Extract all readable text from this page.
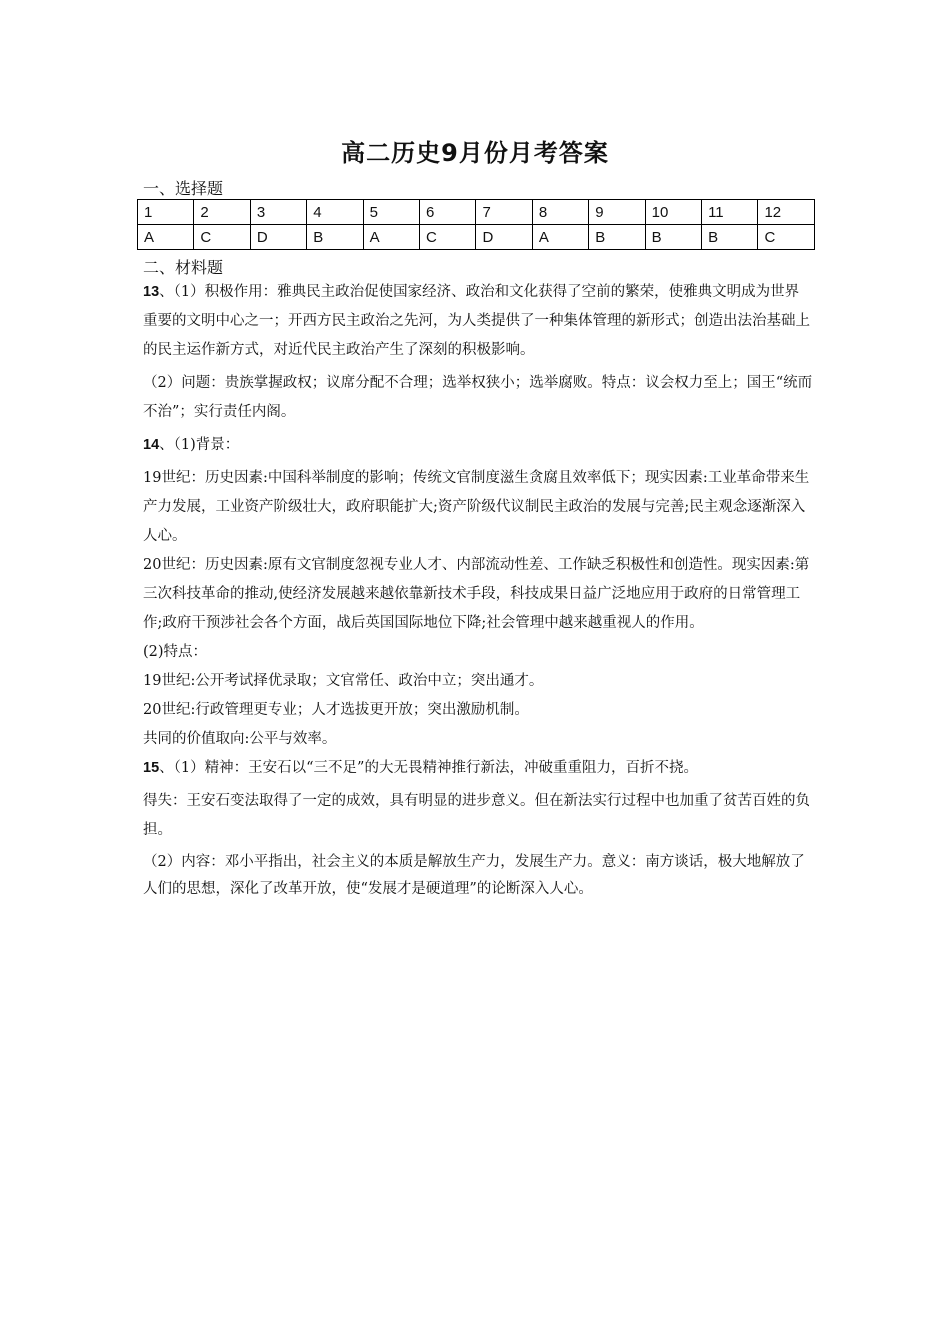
高二历史9月份月考答案
一、选择题
1	2	3	4	5	6	7	8	9	10	11	12
A	C	D	B	A	C	D	A	B	B	B	C
二、材料题

13、（1）积极作用：雅典民主政治促使国家经济、政治和文化获得了空前的繁荣，使雅典文明成为世界重要的文明中心之一；开西方民主政治之先河，为人类提供了一种集体管理的新形式；创造出法治基础上的民主运作新方式，对近代民主政治产生了深刻的积极影响。

（2）问题：贵族掌握政权；议席分配不合理；选举权狭小；选举腐败。特点：议会权力至上；国王“统而不治”；实行责任内阁。

14、（1)背景：

19世纪：历史因素:中国科举制度的影响；传统文官制度滋生贪腐且效率低下；现实因素:工业革命带来生产力发展，工业资产阶级壮大，政府职能扩大;资产阶级代议制民主政治的发展与完善;民主观念逐渐深入人心。

20世纪：历史因素:原有文官制度忽视专业人才、内部流动性差、工作缺乏积极性和创造性。现实因素:第三次科技革命的推动,使经济发展越来越依靠新技术手段，科技成果日益广泛地应用于政府的日常管理工作;政府干预涉社会各个方面，战后英国国际地位下降;社会管理中越来越重视人的作用。

(2)特点：

19世纪:公开考试择优录取；文官常任、政治中立；突出通才。

20世纪:行政管理更专业；人才选拔更开放；突出激励机制。

共同的价值取向:公平与效率。

15、（1）精神：王安石以“三不足”的大无畏精神推行新法，冲破重重阻力，百折不挠。

得失：王安石变法取得了一定的成效，具有明显的进步意义。但在新法实行过程中也加重了贫苦百姓的负担。

（2）内容：邓小平指出，社会主义的本质是解放生产力，发展生产力。意义：南方谈话，极大地解放了人们的思想，深化了改革开放，使“发展才是硬道理”的论断深入人心。
